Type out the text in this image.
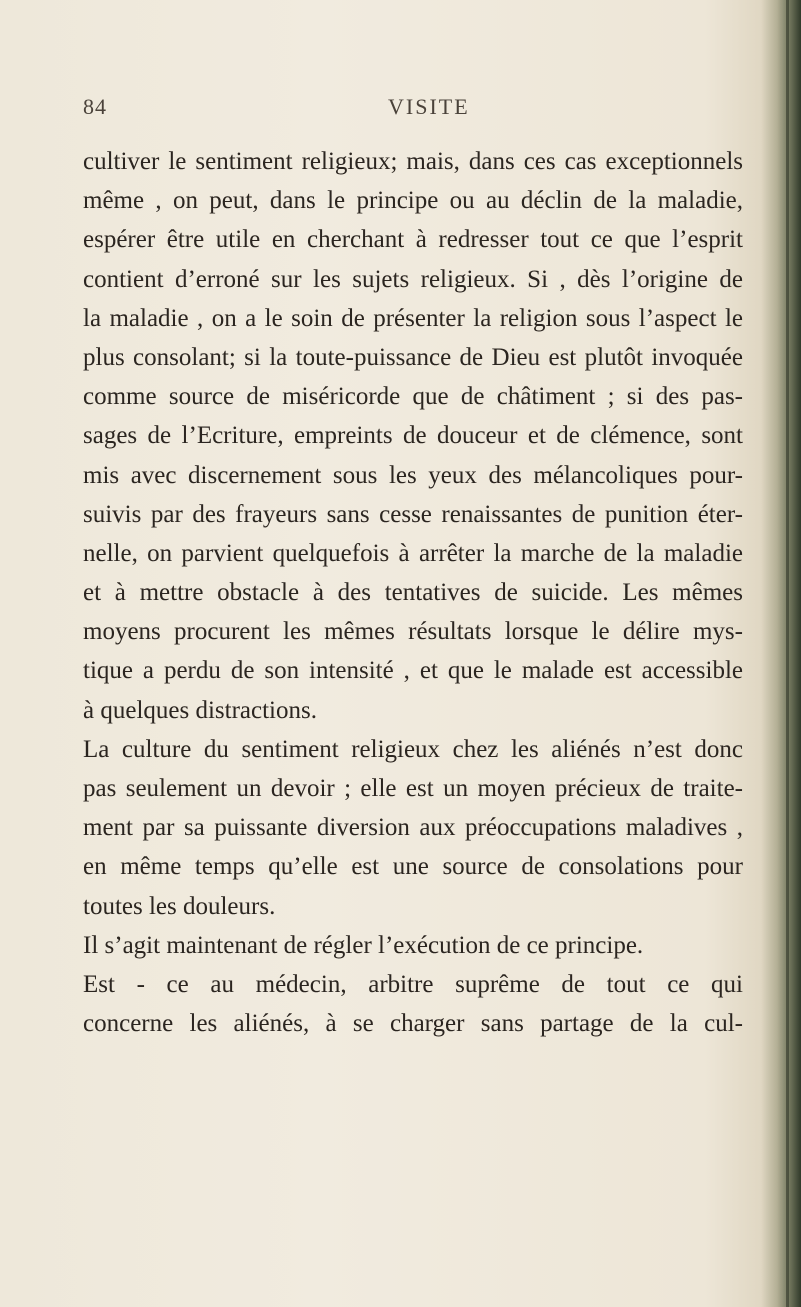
84	VISITE
cultiver le sentiment religieux; mais, dans ces cas exceptionnels
même , on peut, dans le principe ou au déclin de la maladie,
espérer être utile en cherchant à redresser tout ce que l’esprit
contient d’erroné sur les sujets religieux. Si , dès l’origine de
la maladie , on a le soin de présenter la religion sous l’aspect le
plus consolant; si la toute-puissance de Dieu est plutôt invoquée
comme source de miséricorde que de châtiment ; si des pas-
sages de l’Ecriture, empreints de douceur et de clémence, sont
mis avec discernement sous les yeux des mélancoliques pour-
suivis par des frayeurs sans cesse renaissantes de punition éter-
nelle, on parvient quelquefois à arrêter la marche de la maladie
et à mettre obstacle à des tentatives de suicide. Les mêmes
moyens procurent les mêmes résultats lorsque le délire mys-
tique a perdu de son intensité , et que le malade est accessible
à quelques distractions.
La culture du sentiment religieux chez les aliénés n’est donc
pas seulement un devoir ; elle est un moyen précieux de traite-
ment par sa puissante diversion aux préoccupations maladives ,
en même temps qu’elle est une source de consolations pour
toutes les douleurs.
Il s’agit maintenant de régler l’exécution de ce principe.
Est - ce au médecin, arbitre suprême de tout ce qui
concerne les aliénés, à se charger sans partage de la cul-
